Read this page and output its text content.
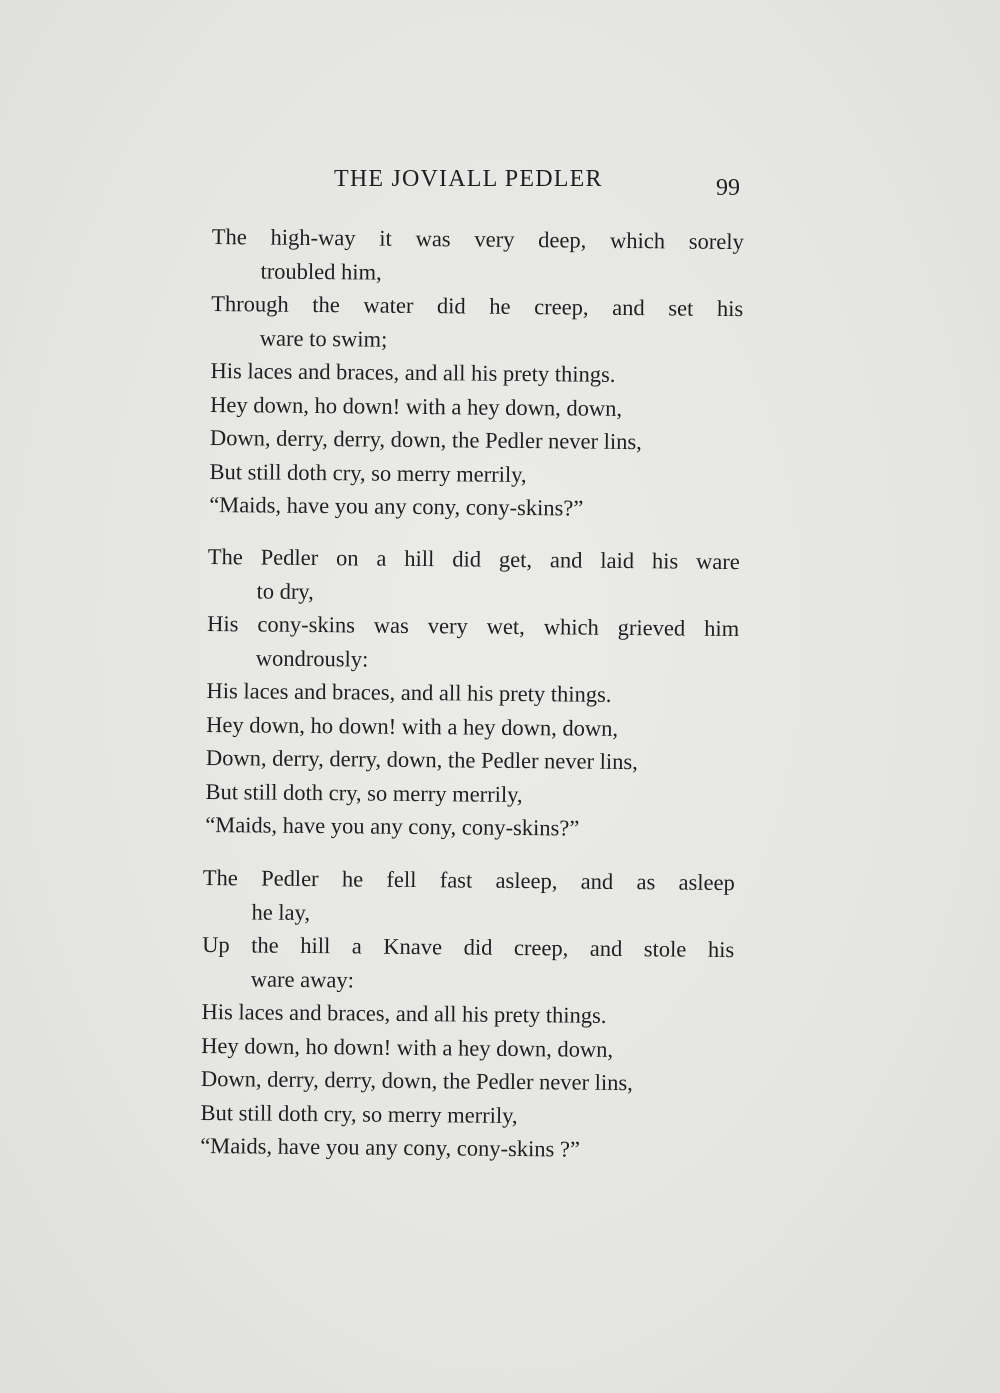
THE JOVIALL PEDLER	99
The high-way it was very deep, which sorely
troubled him,
Through the water did he creep, and set his
ware to swim;
His laces and braces, and all his prety things.
Hey down, ho down! with a hey down, down,
Down, derry, derry, down, the Pedler never lins,
But still doth cry, so merry merrily,
“Maids, have you any cony, cony-skins?”
The Pedler on a hill did get, and laid his ware
to dry,
His cony-skins was very wet, which grieved him
wondrously:
His laces and braces, and all his prety things.
Hey down, ho down! with a hey down, down,
Down, derry, derry, down, the Pedler never lins,
But still doth cry, so merry merrily,
“Maids, have you any cony, cony-skins?”
The Pedler he fell fast asleep, and as asleep
he lay,
Up the hill a Knave did creep, and stole his
ware away:
His laces and braces, and all his prety things.
Hey down, ho down! with a hey down, down,
Down, derry, derry, down, the Pedler never lins,
But still doth cry, so merry merrily,
“Maids, have you any cony, cony-skins ?”
